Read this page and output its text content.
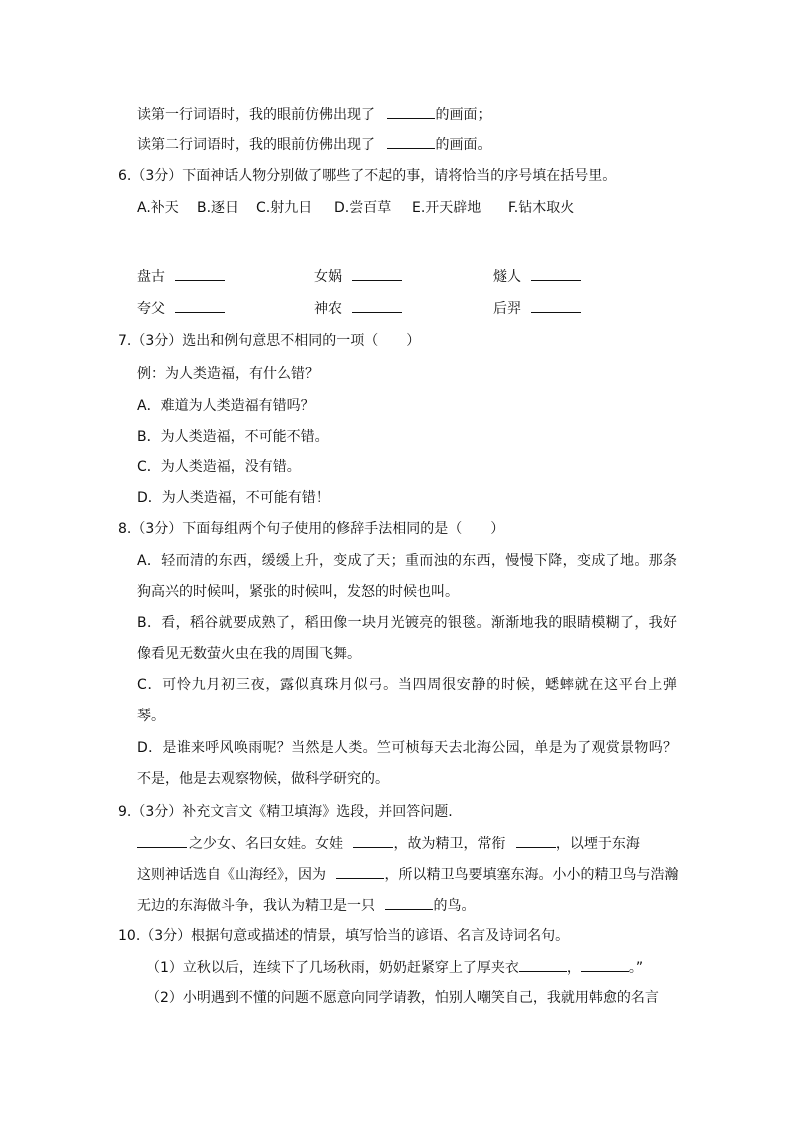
读第一行词语时，我的眼前仿佛出现了	的画面；
读第二行词语时，我的眼前仿佛出现了	的画面。
6.（3分）下面神话人物分别做了哪些了不起的事，请将恰当的序号填在括号里。
A.补天 B.逐日 C.射九日 D.尝百草 E.开天辟地 F.钻木取火
盘古	女娲	燧人
夸父	神农	后羿
7.（3分）选出和例句意思不相同的一项（　　）
例：为人类造福，有什么错？
A．难道为人类造福有错吗？
B．为人类造福，不可能不错。
C．为人类造福，没有错。
D．为人类造福，不可能有错！
8.（3分）下面每组两个句子使用的修辞手法相同的是（　　）
A．轻而清的东西，缓缓上升，变成了天；重而浊的东西，慢慢下降，变成了地。那条狗高兴的时候叫，紧张的时候叫，发怒的时候也叫。
B．看，稻谷就要成熟了，稻田像一块月光镀亮的银毯。渐渐地我的眼睛模糊了，我好像看见无数萤火虫在我的周围飞舞。
C．可怜九月初三夜，露似真珠月似弓。当四周很安静的时候，蟋蟀就在这平台上弹琴。
D．是谁来呼风唤雨呢？当然是人类。竺可桢每天去北海公园，单是为了观赏景物吗？不是，他是去观察物候，做科学研究的。
9.（3分）补充文言文《精卫填海》选段，并回答问题.
之少女、名曰女娃。女娃	，故为精卫，常衔	，以堙于东海
这则神话选自《山海经》，因为	，所以精卫鸟要填塞东海。小小的精卫鸟与浩瀚
无边的东海做斗争，我认为精卫是一只	的鸟。
10.（3分）根据句意或描述的情景，填写恰当的谚语、名言及诗词名句。
（1）立秋以后，连续下了几场秋雨，奶奶赶紧穿上了厚夹衣	，	。”
（2）小明遇到不懂的问题不愿意向同学请教，怕别人嘲笑自己，我就用韩愈的名言
